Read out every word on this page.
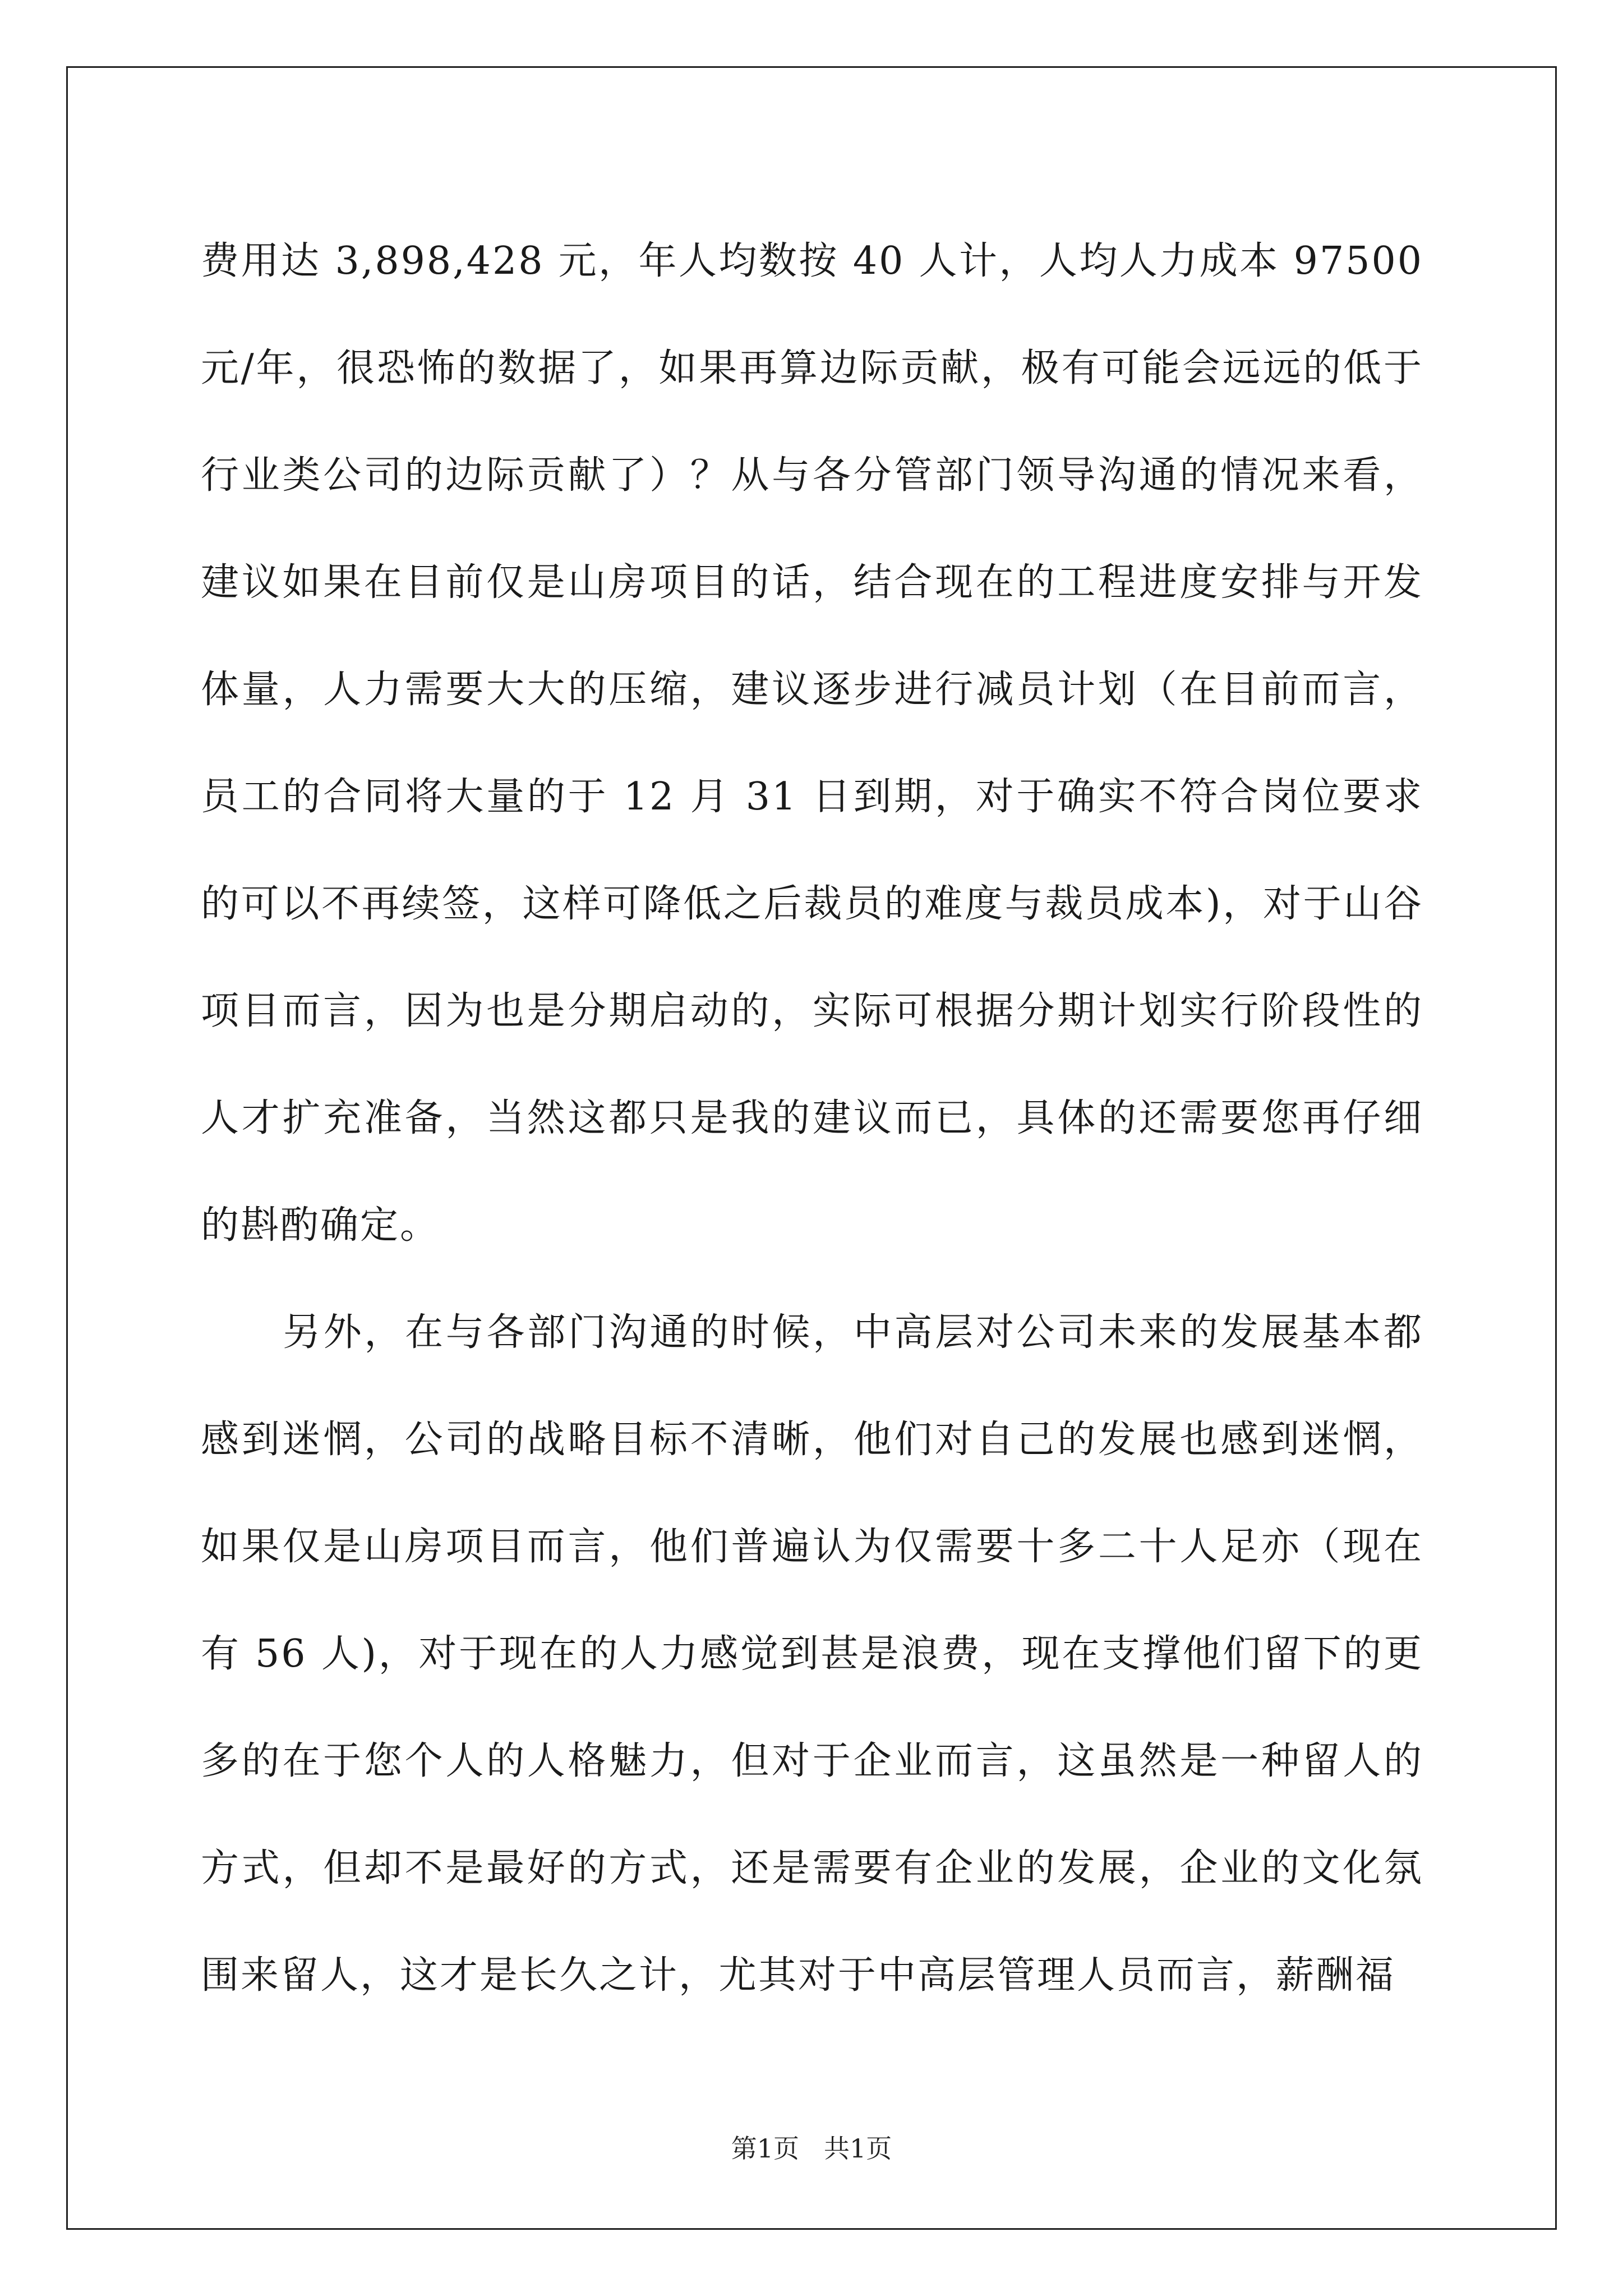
费用达 3,898,428 元，年人均数按 40 人计，人均人力成本 97500 元/年，很恐怖的数据了，如果再算边际贡献，极有可能会远远的低于行业类公司的边际贡献了）？从与各分管部门领导沟通的情况来看，建议如果在目前仅是山房项目的话，结合现在的工程进度安排与开发体量，人力需要大大的压缩，建议逐步进行减员计划（在目前而言，员工的合同将大量的于 12 月 31 日到期，对于确实不符合岗位要求的可以不再续签，这样可降低之后裁员的难度与裁员成本)，对于山谷项目而言，因为也是分期启动的，实际可根据分期计划实行阶段性的人才扩充准备，当然这都只是我的建议而已，具体的还需要您再仔细的斟酌确定。

另外，在与各部门沟通的时候，中高层对公司未来的发展基本都感到迷惘，公司的战略目标不清晰，他们对自己的发展也感到迷惘，如果仅是山房项目而言，他们普遍认为仅需要十多二十人足亦（现在有 56 人)，对于现在的人力感觉到甚是浪费，现在支撑他们留下的更多的在于您个人的人格魅力，但对于企业而言，这虽然是一种留人的方式，但却不是最好的方式，还是需要有企业的发展，企业的文化氛围来留人，这才是长久之计，尤其对于中高层管理人员而言，薪酬福

第1页 共1页
